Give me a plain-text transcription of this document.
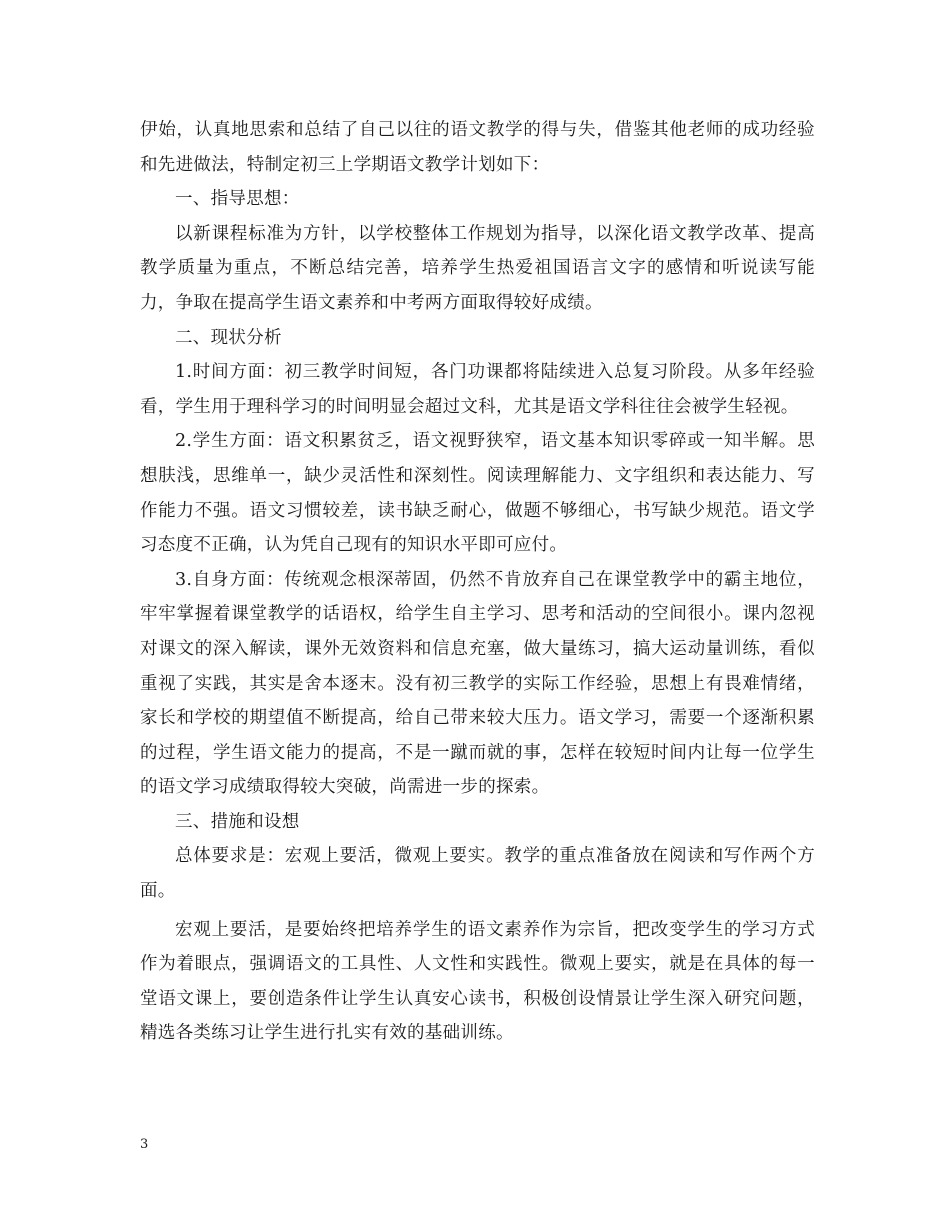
伊始，认真地思索和总结了自己以往的语文教学的得与失，借鉴其他老师的成功经验和先进做法，特制定初三上学期语文教学计划如下：

一、指导思想：

以新课程标准为方针，以学校整体工作规划为指导，以深化语文教学改革、提高教学质量为重点，不断总结完善，培养学生热爱祖国语言文字的感情和听说读写能力，争取在提高学生语文素养和中考两方面取得较好成绩。

二、现状分析

1.时间方面：初三教学时间短，各门功课都将陆续进入总复习阶段。从多年经验看，学生用于理科学习的时间明显会超过文科，尤其是语文学科往往会被学生轻视。

2.学生方面：语文积累贫乏，语文视野狭窄，语文基本知识零碎或一知半解。思想肤浅，思维单一，缺少灵活性和深刻性。阅读理解能力、文字组织和表达能力、写作能力不强。语文习惯较差，读书缺乏耐心，做题不够细心，书写缺少规范。语文学习态度不正确，认为凭自己现有的知识水平即可应付。

3.自身方面：传统观念根深蒂固，仍然不肯放弃自己在课堂教学中的霸主地位，牢牢掌握着课堂教学的话语权，给学生自主学习、思考和活动的空间很小。课内忽视对课文的深入解读，课外无效资料和信息充塞，做大量练习，搞大运动量训练，看似重视了实践，其实是舍本逐末。没有初三教学的实际工作经验，思想上有畏难情绪，家长和学校的期望值不断提高，给自己带来较大压力。语文学习，需要一个逐渐积累的过程，学生语文能力的提高，不是一蹴而就的事，怎样在较短时间内让每一位学生的语文学习成绩取得较大突破，尚需进一步的探索。

三、措施和设想

总体要求是：宏观上要活，微观上要实。教学的重点准备放在阅读和写作两个方面。

宏观上要活，是要始终把培养学生的语文素养作为宗旨，把改变学生的学习方式作为着眼点，强调语文的工具性、人文性和实践性。微观上要实，就是在具体的每一堂语文课上，要创造条件让学生认真安心读书，积极创设情景让学生深入研究问题，精选各类练习让学生进行扎实有效的基础训练。

3
